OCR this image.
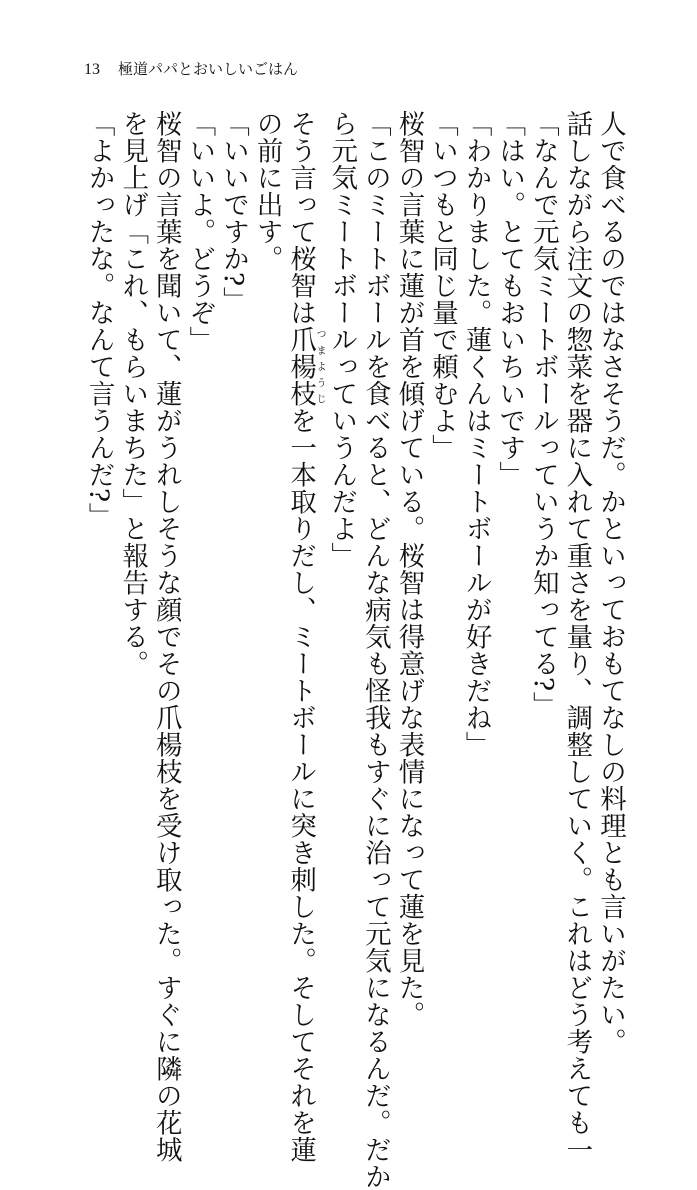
13 極道パパとおいしいごはん
人で食べるのではなさそうだ。かといっておもてなしの料理とも言いがたい。
話しながら注文の惣菜を器に入れて重さを量り、調整していく。これはどう考えても一
「なんで元気ミートボールっていうか知ってる?」
「はい。とてもおいちいです」
「わかりました。蓮くんはミートボールが好きだね」
「いつもと同じ量で頼むよ」
桜智の言葉に蓮が首を傾げている。桜智は得意げな表情になって蓮を見た。
「このミートボールを食べると、どんな病気も怪我もすぐに治って元気になるんだ。だか
ら元気ミートボールっていうんだよ」
そう言って桜智は爪楊枝つまようじを一本取りだし、ミートボールに突き刺した。そしてそれを蓮
の前に出す。
「いいですか?」
「いいよ。どうぞ」
桜智の言葉を聞いて、蓮がうれしそうな顔でその爪楊枝を受け取った。すぐに隣の花城
を見上げ「これ、もらいまちた」と報告する。
「よかったな。なんて言うんだ?」
